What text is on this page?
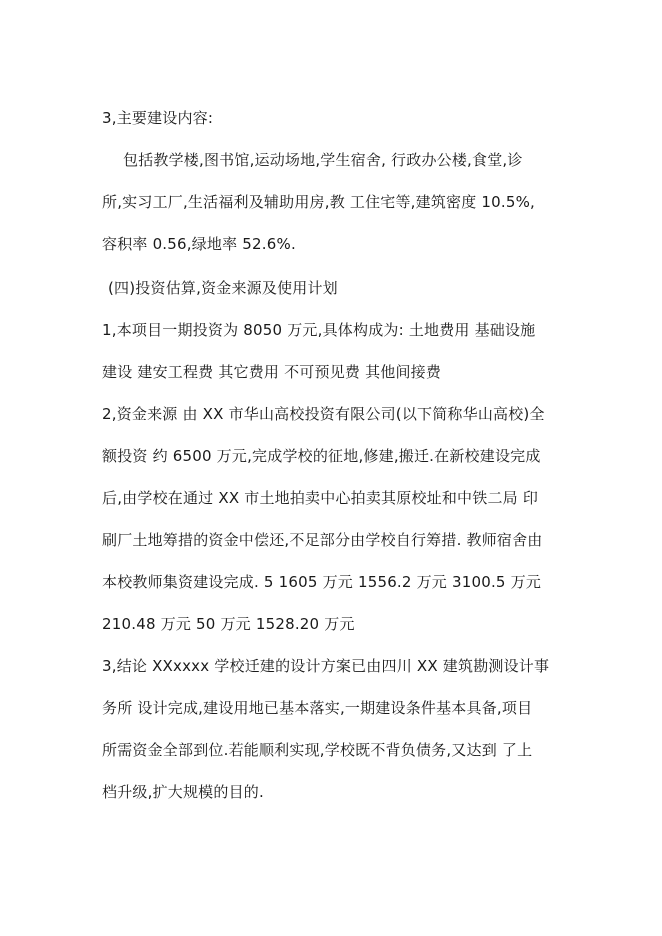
3,主要建设内容:
包括教学楼,图书馆,运动场地,学生宿舍, 行政办公楼,食堂,诊
所,实习工厂,生活福利及辅助用房,教 工住宅等,建筑密度 10.5%,
容积率 0.56,绿地率 52.6%.
(四)投资估算,资金来源及使用计划
1,本项目一期投资为 8050 万元,具体构成为: 土地费用 基础设施
建设 建安工程费 其它费用 不可预见费 其他间接费
2,资金来源 由 XX 市华山高校投资有限公司(以下简称华山高校)全
额投资 约 6500 万元,完成学校的征地,修建,搬迁.在新校建设完成
后,由学校在通过 XX 市土地拍卖中心拍卖其原校址和中铁二局 印
刷厂土地筹措的资金中偿还,不足部分由学校自行筹措. 教师宿舍由
本校教师集资建设完成. 5 1605 万元 1556.2 万元 3100.5 万元
210.48 万元 50 万元 1528.20 万元
3,结论 XXxxxx 学校迁建的设计方案已由四川 XX 建筑勘测设计事
务所 设计完成,建设用地已基本落实,一期建设条件基本具备,项目
所需资金全部到位.若能顺利实现,学校既不背负债务,又达到 了上
档升级,扩大规模的目的.
